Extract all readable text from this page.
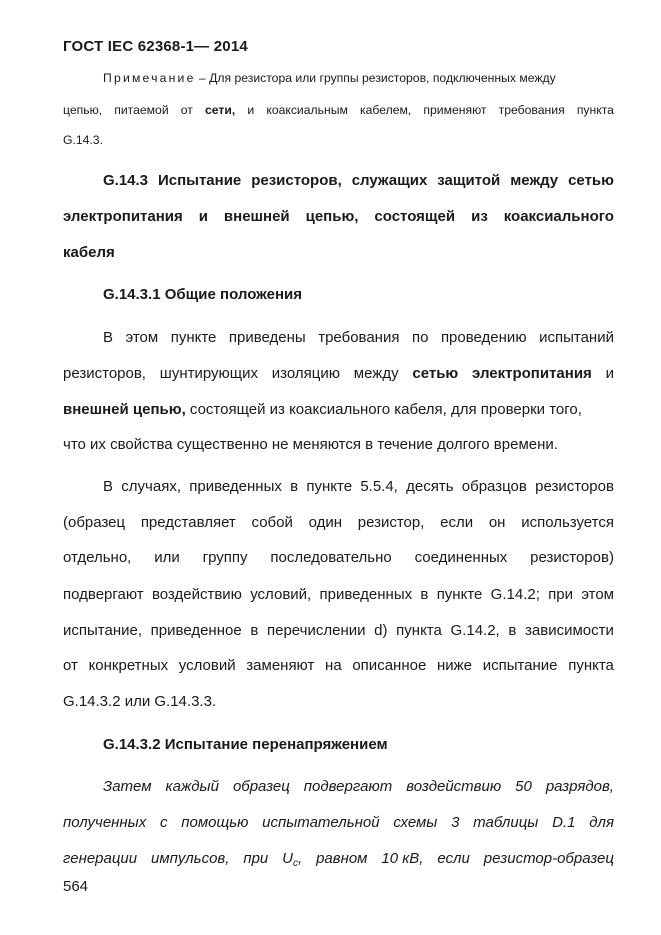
ГОСТ IEC 62368-1— 2014
Примечание – Для резистора или группы резисторов, подключенных между
цепью, питаемой от сети, и коаксиальным кабелем, применяют требования пункта
G.14.3.
G.14.3 Испытание резисторов, служащих защитой между сетью
электропитания и внешней цепью, состоящей из коаксиального
кабеля
G.14.3.1 Общие положения
В этом пункте приведены требования по проведению испытаний
резисторов, шунтирующих изоляцию между сетью электропитания и
внешней цепью, состоящей из коаксиального кабеля, для проверки того,
что их свойства существенно не меняются в течение долгого времени.
В случаях, приведенных в пункте 5.5.4, десять образцов резисторов
(образец представляет собой один резистор, если он используется
отдельно, или группу последовательно соединенных резисторов)
подвергают воздействию условий, приведенных в пункте G.14.2; при этом
испытание, приведенное в перечислении d) пункта G.14.2, в зависимости
от конкретных условий заменяют на описанное ниже испытание пункта
G.14.3.2 или G.14.3.3.
G.14.3.2 Испытание перенапряжением
Затем каждый образец подвергают воздействию 50 разрядов,
полученных с помощью испытательной схемы 3 таблицы D.1 для
генерации импульсов, при $U_c$, равном 10 кВ, если резистор-образец
564
